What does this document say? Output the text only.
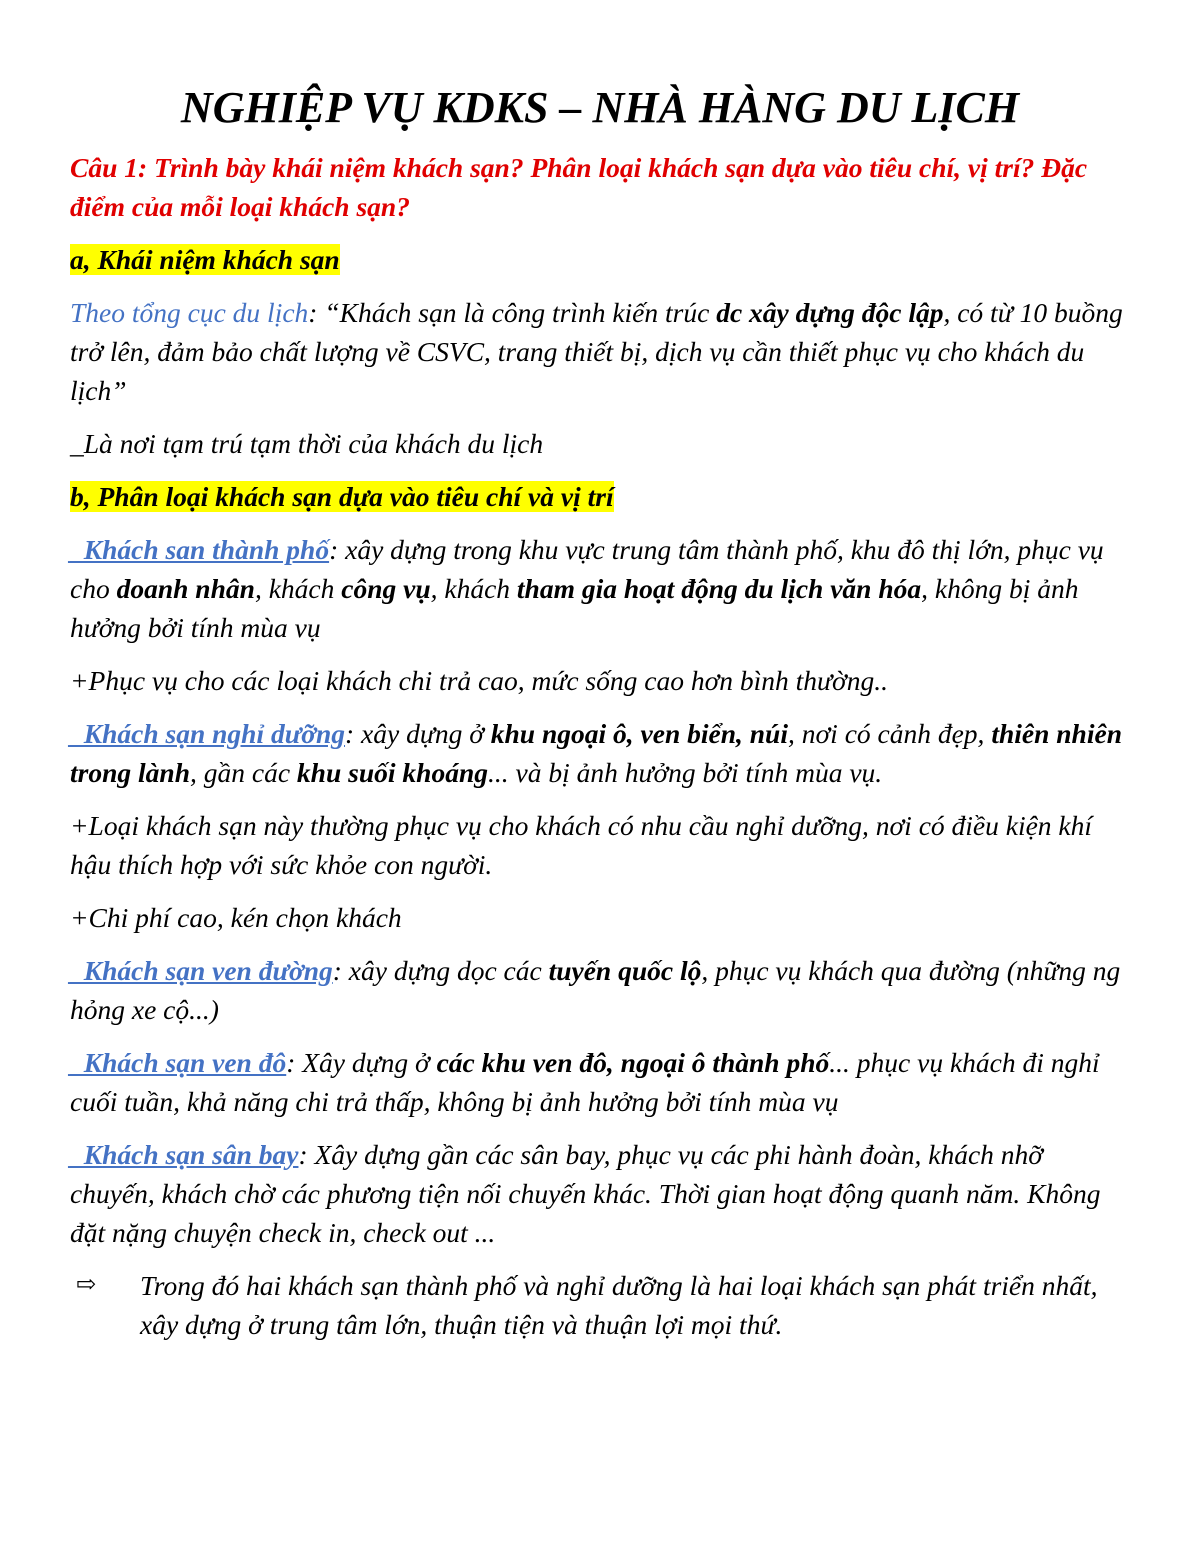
NGHIỆP VỤ KDKS – NHÀ HÀNG DU LỊCH
Câu 1: Trình bày khái niệm khách sạn? Phân loại khách sạn dựa vào tiêu chí, vị trí? Đặc điểm của mỗi loại khách sạn?
a, Khái niệm khách sạn
Theo tổng cục du lịch: “Khách sạn là công trình kiến trúc dc xây dựng độc lập, có từ 10 buồng trở lên, đảm bảo chất lượng về CSVC, trang thiết bị, dịch vụ cần thiết phục vụ cho khách du lịch”
_Là nơi tạm trú tạm thời của khách du lịch
b, Phân loại khách sạn dựa vào tiêu chí và vị trí
_Khách san thành phố: xây dựng trong khu vực trung tâm thành phố, khu đô thị lớn, phục vụ cho doanh nhân, khách công vụ, khách tham gia hoạt động du lịch văn hóa, không bị ảnh hưởng bởi tính mùa vụ
+Phục vụ cho các loại khách chi trả cao, mức sống cao hơn bình thường..
_Khách sạn nghỉ dưỡng: xây dựng ở khu ngoại ô, ven biển, núi, nơi có cảnh đẹp, thiên nhiên trong lành, gần các khu suối khoáng... và bị ảnh hưởng bởi tính mùa vụ.
+Loại khách sạn này thường phục vụ cho khách có nhu cầu nghỉ dưỡng, nơi có điều kiện khí hậu thích hợp với sức khỏe con người.
+Chi phí cao, kén chọn khách
_Khách sạn ven đường: xây dựng dọc các tuyến quốc lộ, phục vụ khách qua đường (những ng hỏng xe cộ...)
_Khách sạn ven đô: Xây dựng ở các khu ven đô, ngoại ô thành phố... phục vụ khách đi nghỉ cuối tuần, khả năng chi trả thấp, không bị ảnh hưởng bởi tính mùa vụ
_Khách sạn sân bay: Xây dựng gần các sân bay, phục vụ các phi hành đoàn, khách nhỡ chuyến, khách chờ các phương tiện nối chuyến khác. Thời gian hoạt động quanh năm. Không đặt nặng chuyện check in, check out ...
⇨	Trong đó hai khách sạn thành phố và nghỉ dưỡng là hai loại khách sạn phát triển nhất, xây dựng ở trung tâm lớn, thuận tiện và thuận lợi mọi thứ.
